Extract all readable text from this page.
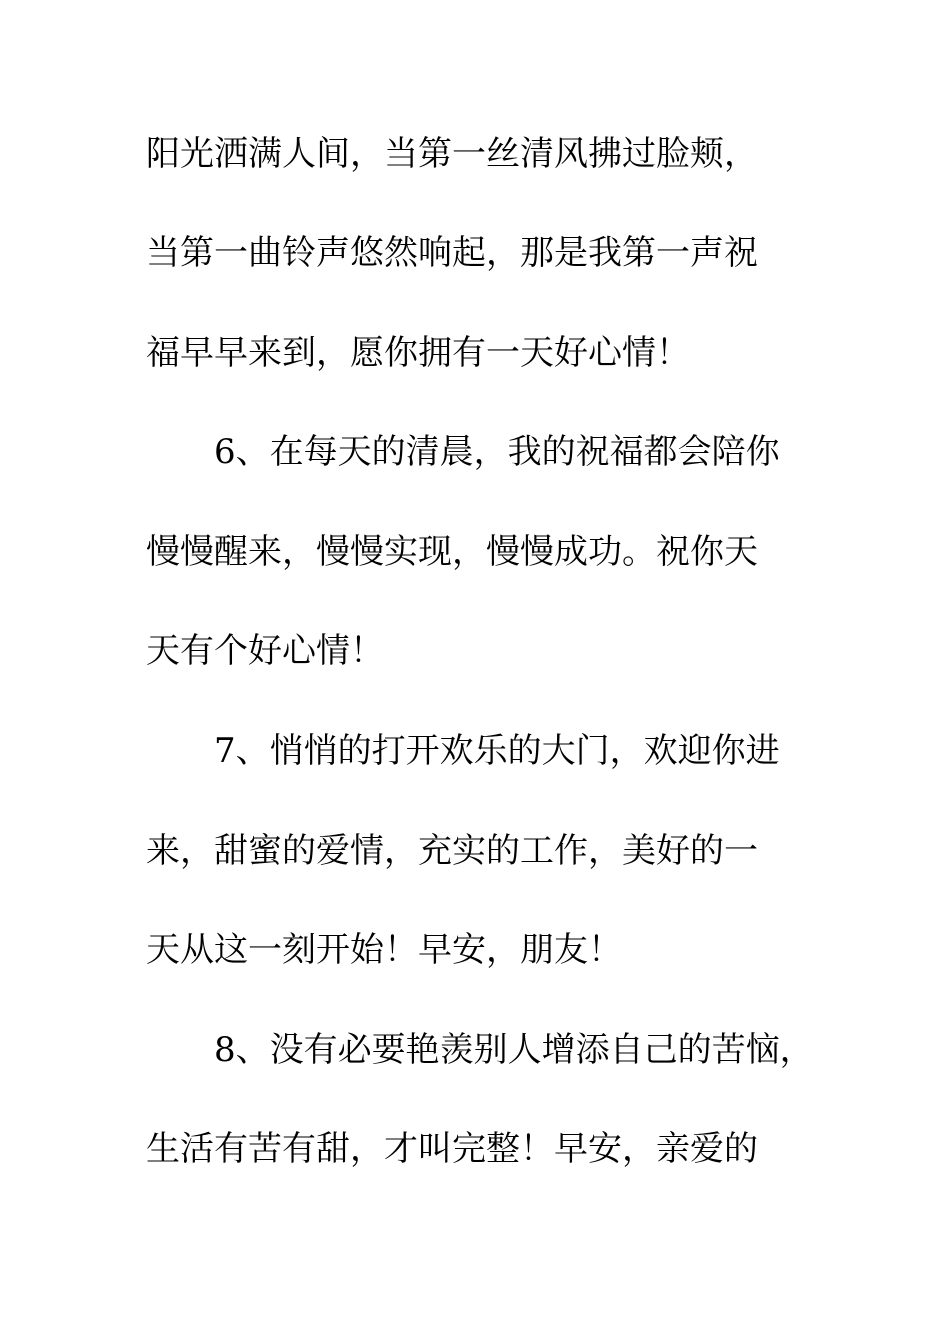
阳光洒满人间，当第一丝清风拂过脸颊，

当第一曲铃声悠然响起，那是我第一声祝

福早早来到，愿你拥有一天好心情！

6、在每天的清晨，我的祝福都会陪你

慢慢醒来，慢慢实现，慢慢成功。祝你天

天有个好心情！

7、悄悄的打开欢乐的大门，欢迎你进

来，甜蜜的爱情，充实的工作，美好的一

天从这一刻开始！早安，朋友！

8、没有必要艳羡别人增添自己的苦恼，

生活有苦有甜，才叫完整！早安，亲爱的
